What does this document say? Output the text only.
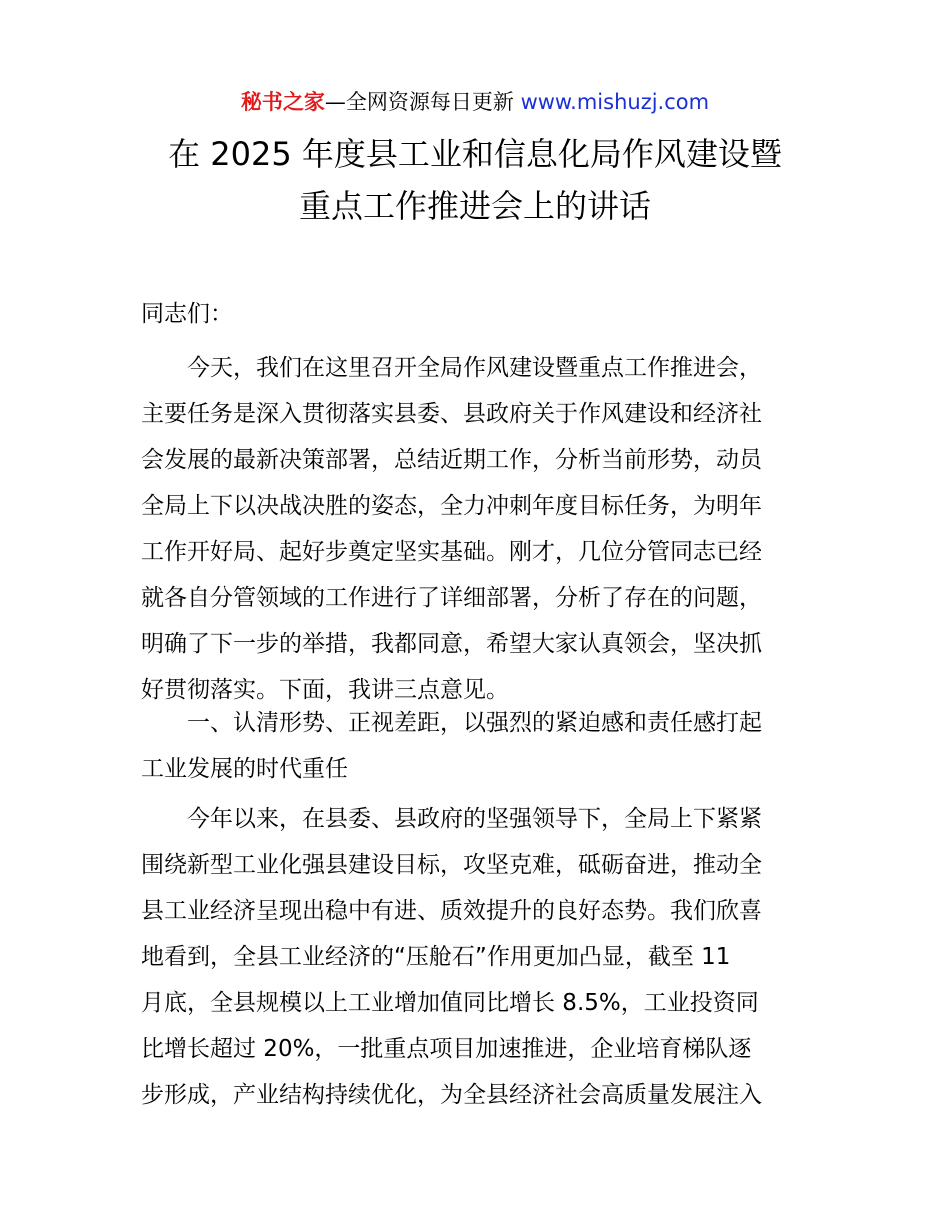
秘书之家—全网资源每日更新 www.mishuzj.com
在 2025 年度县工业和信息化局作风建设暨
重点工作推进会上的讲话
同志们：
今天，我们在这里召开全局作风建设暨重点工作推进会，
主要任务是深入贯彻落实县委、县政府关于作风建设和经济社
会发展的最新决策部署，总结近期工作，分析当前形势，动员
全局上下以决战决胜的姿态，全力冲刺年度目标任务，为明年
工作开好局、起好步奠定坚实基础。刚才，几位分管同志已经
就各自分管领域的工作进行了详细部署，分析了存在的问题，
明确了下一步的举措，我都同意，希望大家认真领会，坚决抓
好贯彻落实。下面，我讲三点意见。
一、认清形势、正视差距，以强烈的紧迫感和责任感打起
工业发展的时代重任
今年以来，在县委、县政府的坚强领导下，全局上下紧紧
围绕新型工业化强县建设目标，攻坚克难，砥砺奋进，推动全
县工业经济呈现出稳中有进、质效提升的良好态势。我们欣喜
地看到，全县工业经济的“压舱石”作用更加凸显，截至 11
月底，全县规模以上工业增加值同比增长 8.5%，工业投资同
比增长超过 20%，一批重点项目加速推进，企业培育梯队逐
步形成，产业结构持续优化，为全县经济社会高质量发展注入
